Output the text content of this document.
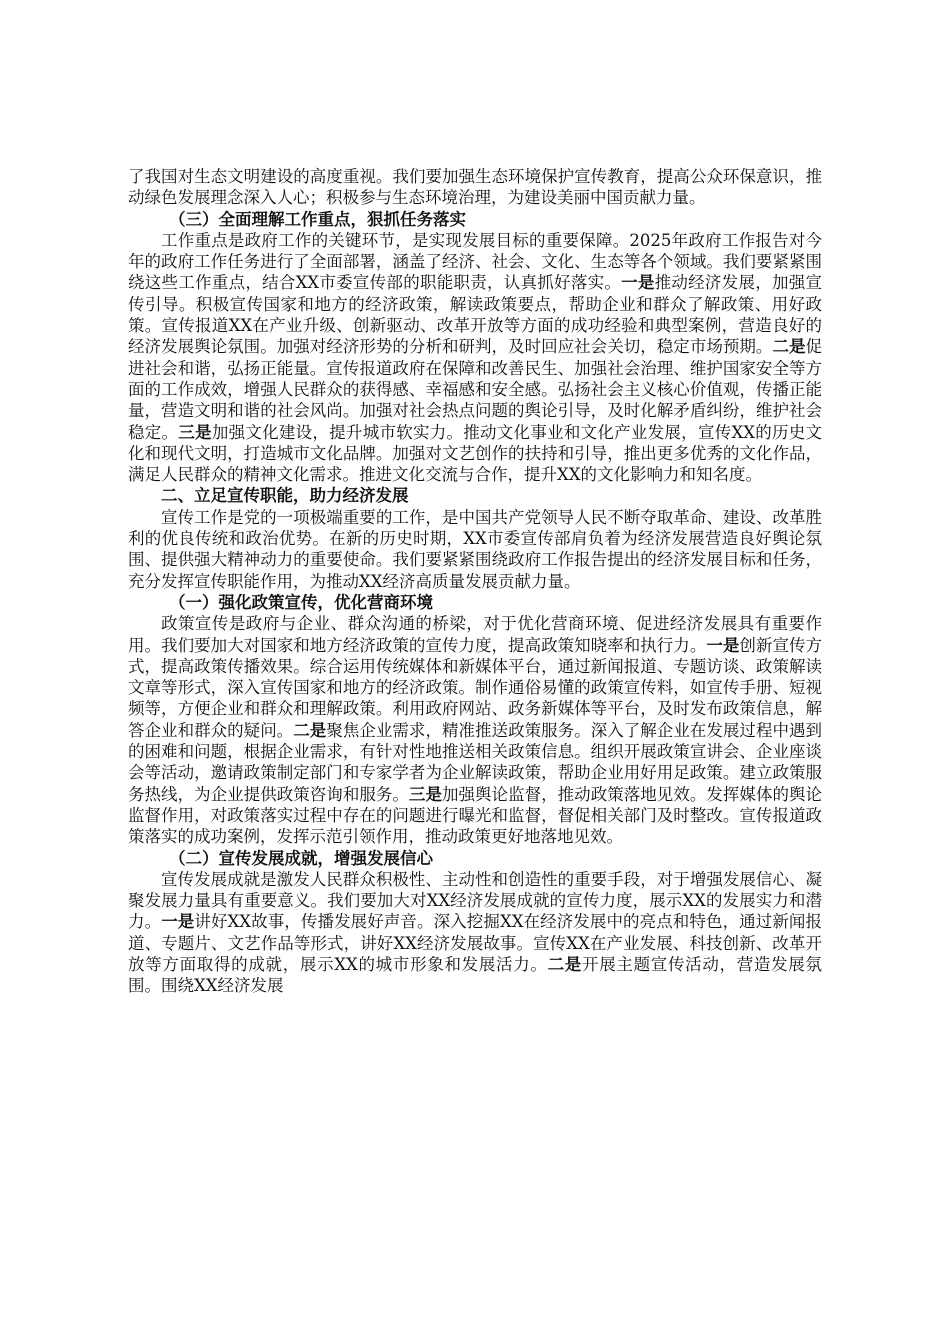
了我国对生态文明建设的高度重视。我们要加强生态环境保护宣传教育，提高公众环保意识，推动绿色发展理念深入人心；积极参与生态环境治理，为建设美丽中国贡献力量。

（三）全面理解工作重点，狠抓任务落实

工作重点是政府工作的关键环节，是实现发展目标的重要保障。2025年政府工作报告对今年的政府工作任务进行了全面部署，涵盖了经济、社会、文化、生态等各个领域。我们要紧紧围绕这些工作重点，结合XX市委宣传部的职能职责，认真抓好落实。一是推动经济发展，加强宣传引导。积极宣传国家和地方的经济政策，解读政策要点，帮助企业和群众了解政策、用好政策。宣传报道XX在产业升级、创新驱动、改革开放等方面的成功经验和典型案例，营造良好的经济发展舆论氛围。加强对经济形势的分析和研判，及时回应社会关切，稳定市场预期。二是促进社会和谐，弘扬正能量。宣传报道政府在保障和改善民生、加强社会治理、维护国家安全等方面的工作成效，增强人民群众的获得感、幸福感和安全感。弘扬社会主义核心价值观，传播正能量，营造文明和谐的社会风尚。加强对社会热点问题的舆论引导，及时化解矛盾纠纷，维护社会稳定。三是加强文化建设，提升城市软实力。推动文化事业和文化产业发展，宣传XX的历史文化和现代文明，打造城市文化品牌。加强对文艺创作的扶持和引导，推出更多优秀的文化作品，满足人民群众的精神文化需求。推进文化交流与合作，提升XX的文化影响力和知名度。

二、立足宣传职能，助力经济发展

宣传工作是党的一项极端重要的工作，是中国共产党领导人民不断夺取革命、建设、改革胜利的优良传统和政治优势。在新的历史时期，XX市委宣传部肩负着为经济发展营造良好舆论氛围、提供强大精神动力的重要使命。我们要紧紧围绕政府工作报告提出的经济发展目标和任务，充分发挥宣传职能作用，为推动XX经济高质量发展贡献力量。

（一）强化政策宣传，优化营商环境

政策宣传是政府与企业、群众沟通的桥梁，对于优化营商环境、促进经济发展具有重要作用。我们要加大对国家和地方经济政策的宣传力度，提高政策知晓率和执行力。一是创新宣传方式，提高政策传播效果。综合运用传统媒体和新媒体平台，通过新闻报道、专题访谈、政策解读文章等形式，深入宣传国家和地方的经济政策。制作通俗易懂的政策宣传料，如宣传手册、短视频等，方便企业和群众和理解政策。利用政府网站、政务新媒体等平台，及时发布政策信息，解答企业和群众的疑问。二是聚焦企业需求，精准推送政策服务。深入了解企业在发展过程中遇到的困难和问题，根据企业需求，有针对性地推送相关政策信息。组织开展政策宣讲会、企业座谈会等活动，邀请政策制定部门和专家学者为企业解读政策，帮助企业用好用足政策。建立政策服务热线，为企业提供政策咨询和服务。三是加强舆论监督，推动政策落地见效。发挥媒体的舆论监督作用，对政策落实过程中存在的问题进行曝光和监督，督促相关部门及时整改。宣传报道政策落实的成功案例，发挥示范引领作用，推动政策更好地落地见效。

（二）宣传发展成就，增强发展信心

宣传发展成就是激发人民群众积极性、主动性和创造性的重要手段，对于增强发展信心、凝聚发展力量具有重要意义。我们要加大对XX经济发展成就的宣传力度，展示XX的发展实力和潜力。一是讲好XX故事，传播发展好声音。深入挖掘XX在经济发展中的亮点和特色，通过新闻报道、专题片、文艺作品等形式，讲好XX经济发展故事。宣传XX在产业发展、科技创新、改革开放等方面取得的成就，展示XX的城市形象和发展活力。二是开展主题宣传活动，营造发展氛围。围绕XX经济发展
